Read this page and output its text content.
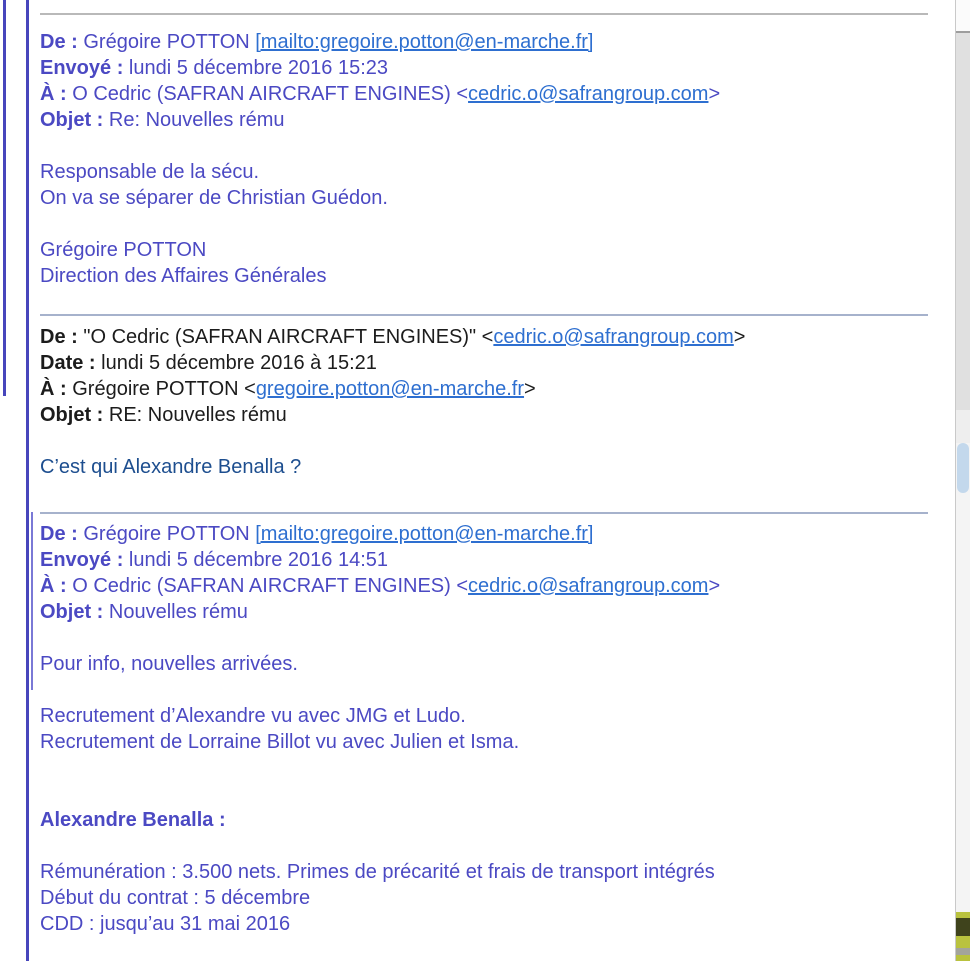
De : Grégoire POTTON [mailto:gregoire.potton@en-marche.fr]
Envoyé : lundi 5 décembre 2016 15:23
À : O Cedric (SAFRAN AIRCRAFT ENGINES) <cedric.o@safrangroup.com>
Objet : Re: Nouvelles rému
Responsable de la sécu.
On va se séparer de Christian Guédon.
Grégoire POTTON
Direction des Affaires Générales
De : "O Cedric (SAFRAN AIRCRAFT ENGINES)" <cedric.o@safrangroup.com>
Date : lundi 5 décembre 2016 à 15:21
À : Grégoire POTTON <gregoire.potton@en-marche.fr>
Objet : RE: Nouvelles rému
C’est qui Alexandre Benalla ?
De : Grégoire POTTON [mailto:gregoire.potton@en-marche.fr]
Envoyé : lundi 5 décembre 2016 14:51
À : O Cedric (SAFRAN AIRCRAFT ENGINES) <cedric.o@safrangroup.com>
Objet : Nouvelles rému
Pour info, nouvelles arrivées.
Recrutement d’Alexandre vu avec JMG et Ludo.
Recrutement de Lorraine Billot vu avec Julien et Isma.
Alexandre Benalla :
Rémunération : 3.500 nets. Primes de précarité et frais de transport intégrés
Début du contrat : 5 décembre
CDD : jusqu’au 31 mai 2016
